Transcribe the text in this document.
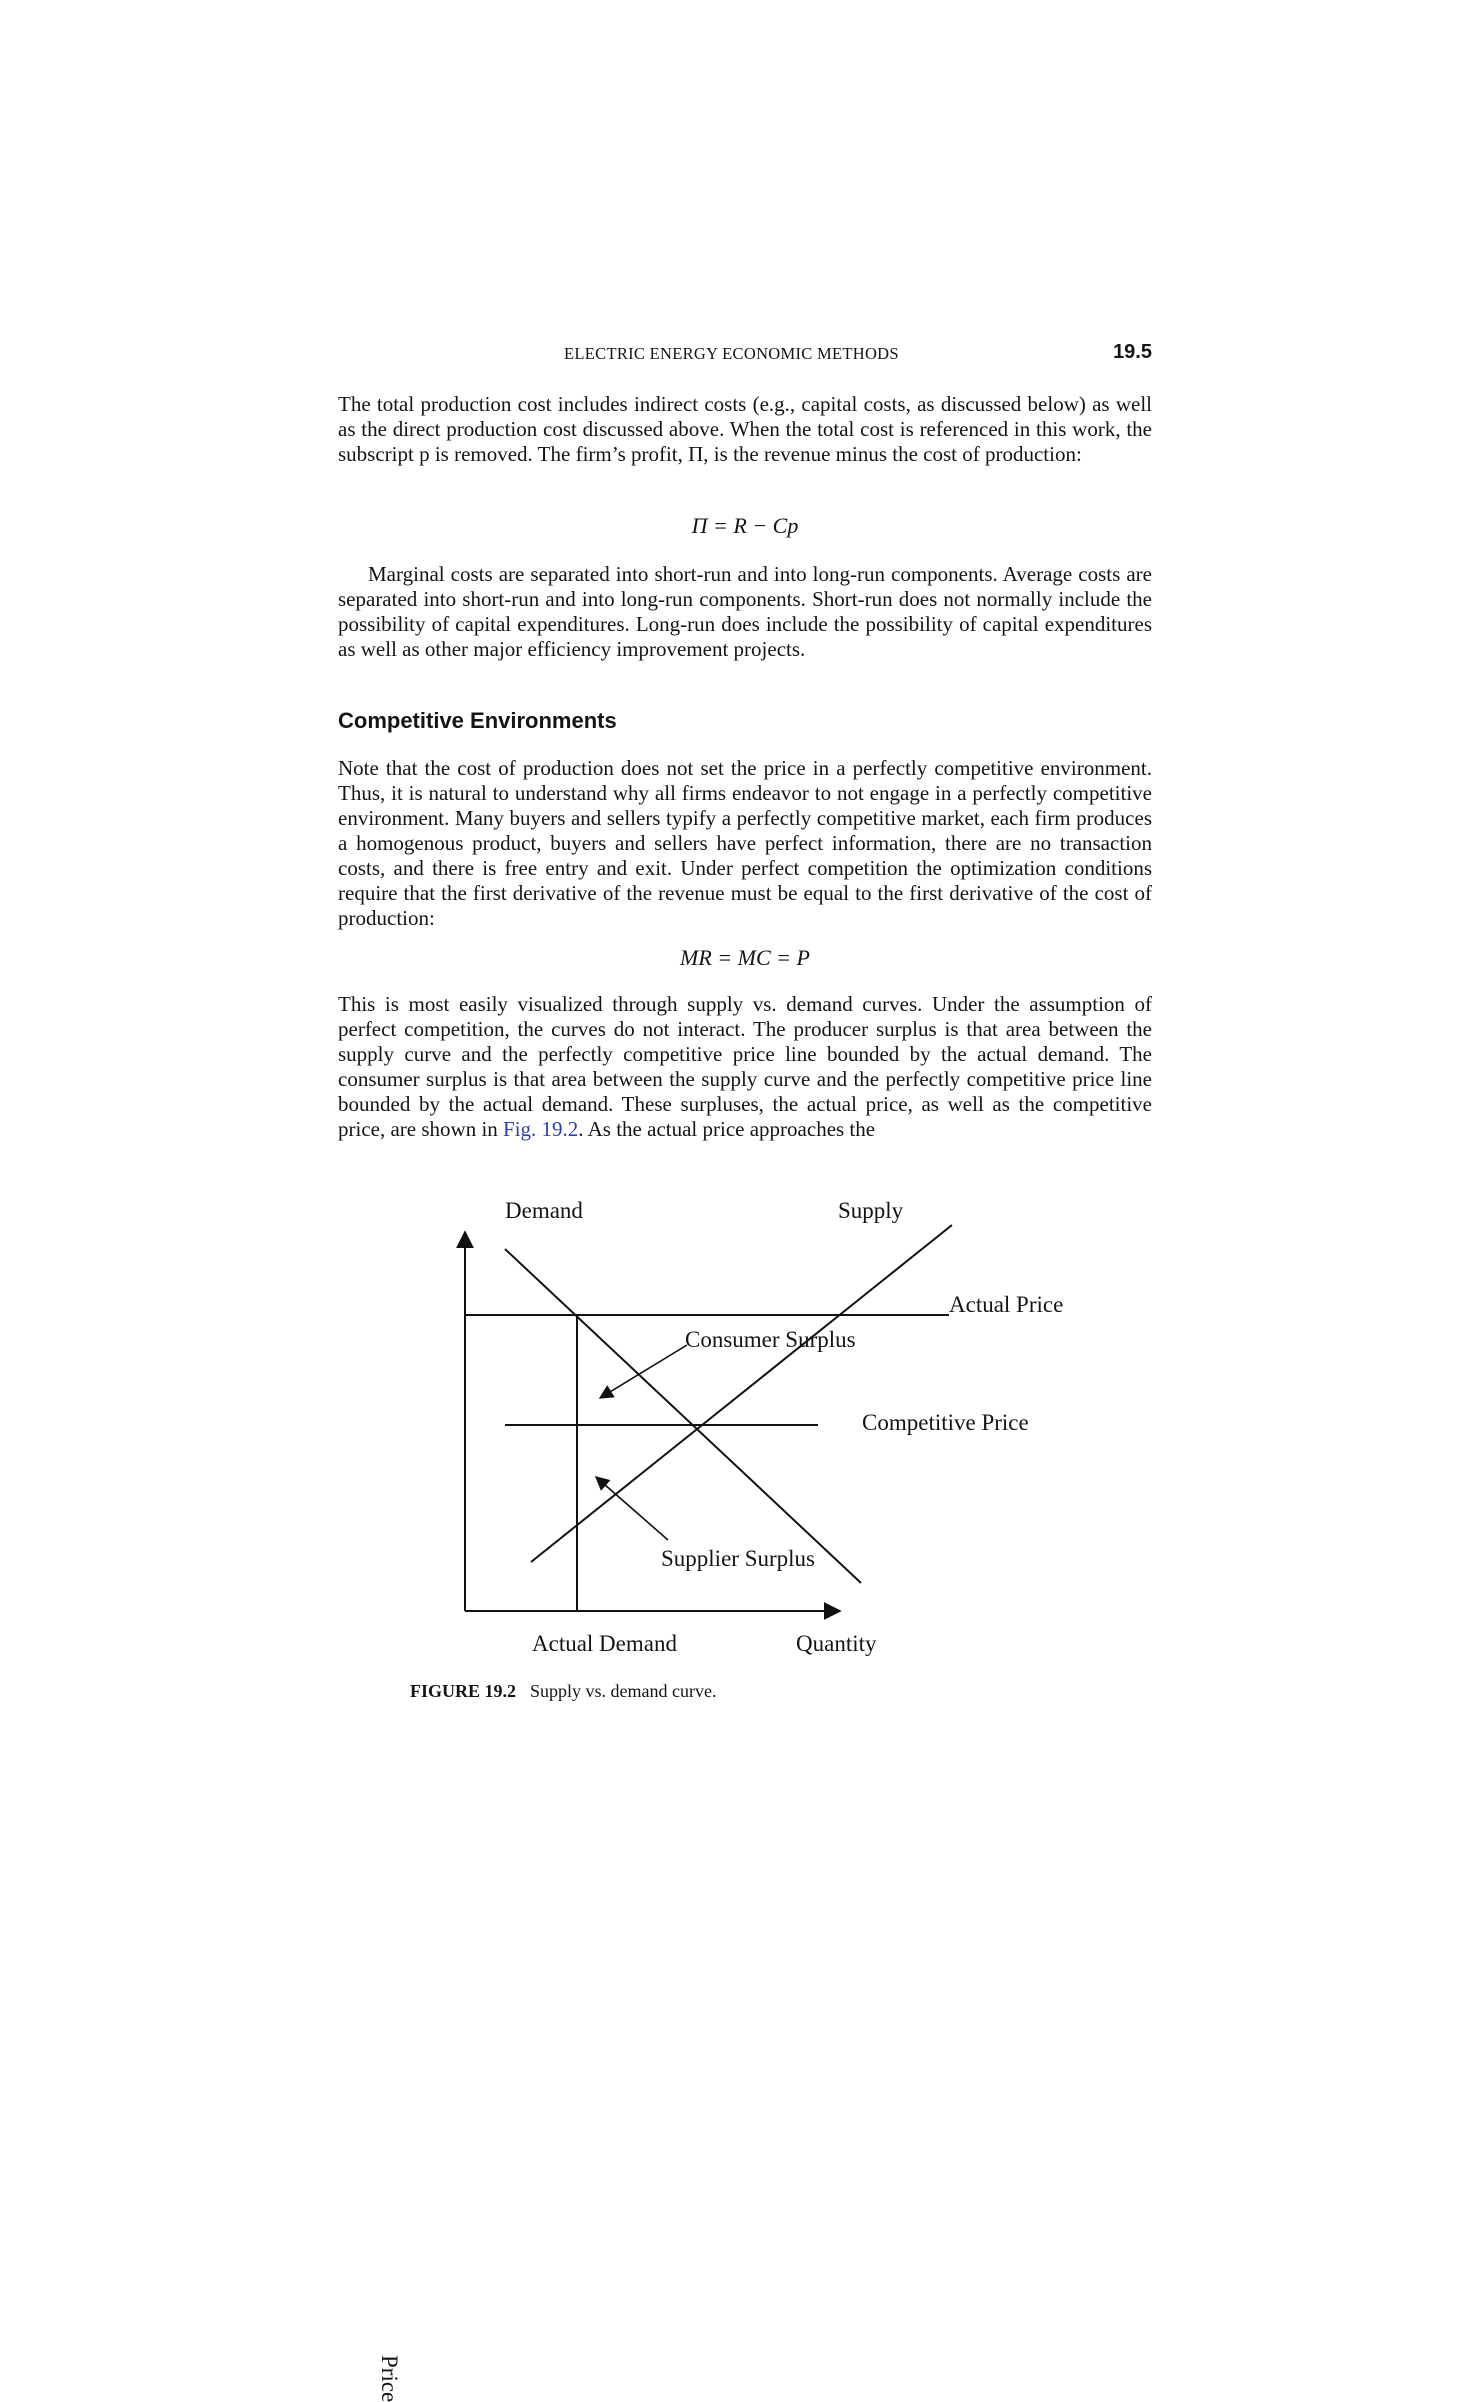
ELECTRIC ENERGY ECONOMIC METHODS	19.5

The total production cost includes indirect costs (e.g., capital costs, as discussed below) as well as the direct production cost discussed above. When the total cost is referenced in this work, the subscript p is removed. The firm’s profit, Π, is the revenue minus the cost of production:

Π = R − Cp

Marginal costs are separated into short-run and into long-run components. Average costs are separated into short-run and into long-run components. Short-run does not normally include the possibility of capital expenditures. Long-run does include the possibility of capital expenditures as well as other major efficiency improvement projects.

Competitive Environments

Note that the cost of production does not set the price in a perfectly competitive environment. Thus, it is natural to understand why all firms endeavor to not engage in a perfectly competitive environment. Many buyers and sellers typify a perfectly competitive market, each firm produces a homogenous product, buyers and sellers have perfect information, there are no transaction costs, and there is free entry and exit. Under perfect competition the optimization conditions require that the first derivative of the revenue must be equal to the first derivative of the cost of production:

MR = MC = P

This is most easily visualized through supply vs. demand curves. Under the assumption of perfect competition, the curves do not interact. The producer surplus is that area between the supply curve and the perfectly competitive price line bounded by the actual demand. The consumer surplus is that area between the supply curve and the perfectly competitive price line bounded by the actual demand. These surpluses, the actual price, as well as the competitive price, are shown in Fig. 19.2. As the actual price approaches the

Demand	Supply
Actual Price
Consumer Surplus
Competitive Price
Supplier Surplus
Actual Demand	Quantity
Price
FIGURE 19.2 Supply vs. demand curve.
